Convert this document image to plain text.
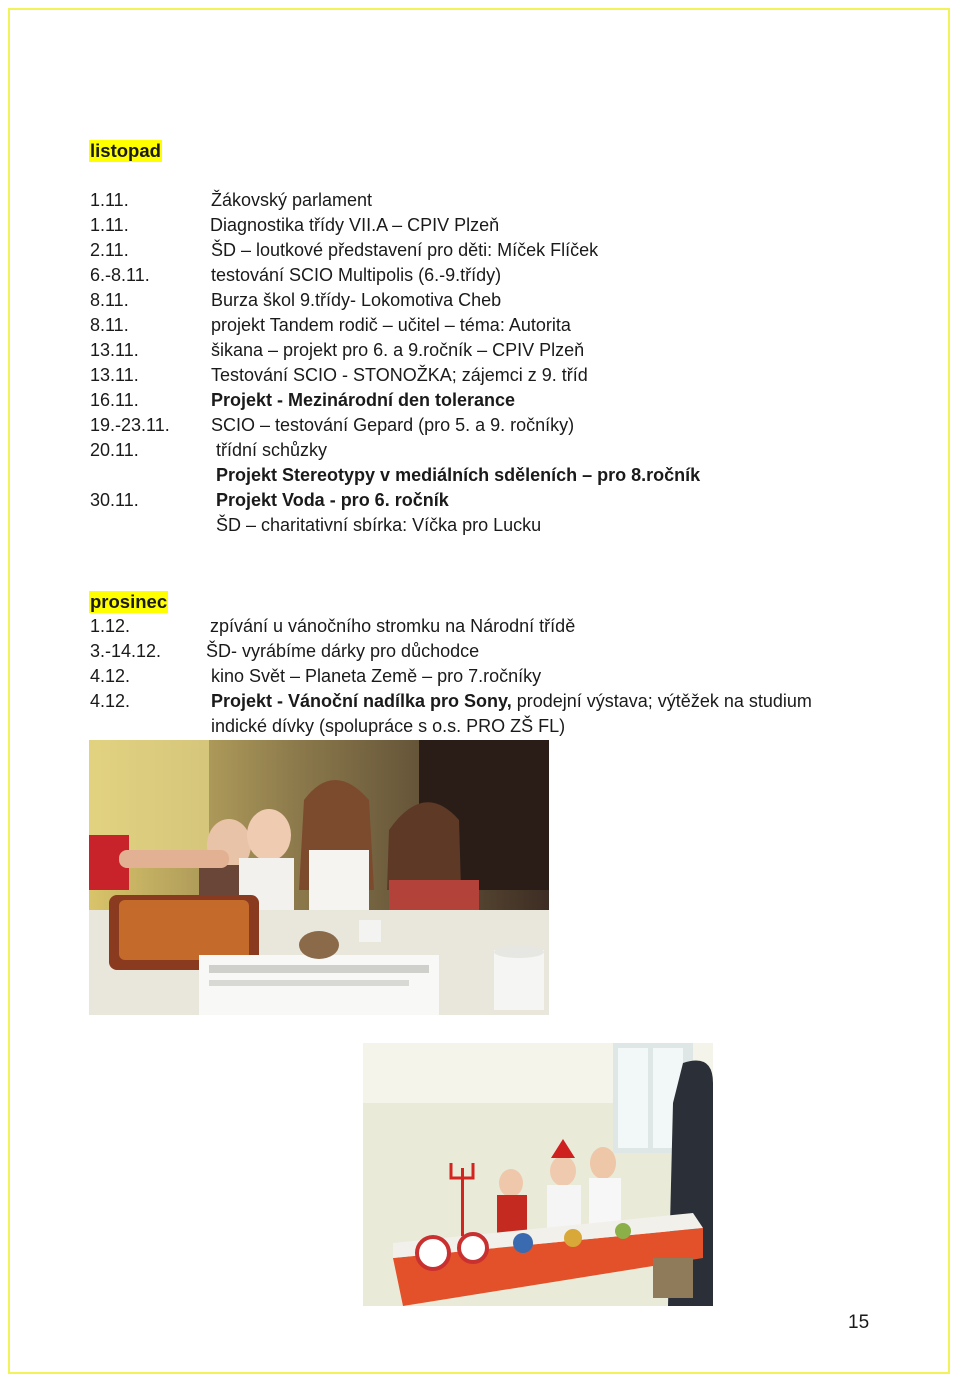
listopad
1.11.	Žákovský parlament
1.11.	Diagnostika třídy VII.A – CPIV Plzeň
2.11.	ŠD – loutkové představení pro děti: Míček Flíček
6.-8.11.	testování SCIO Multipolis (6.-9.třídy)
8.11.	Burza škol 9.třídy- Lokomotiva Cheb
8.11.	projekt Tandem rodič – učitel – téma: Autorita
13.11.	šikana – projekt pro 6. a 9.ročník – CPIV Plzeň
13.11.	Testování SCIO - STONOŽKA; zájemci z 9. tříd
16.11.	Projekt - Mezinárodní den tolerance
19.-23.11. SCIO – testování Gepard (pro 5. a 9. ročníky)
20.11.	třídní schůzky
Projekt Stereotypy v mediálních sděleních – pro 8.ročník
30.11.	Projekt Voda - pro 6. ročník
ŠD – charitativní sbírka: Víčka pro Lucku
prosinec
1.12.	zpívání u vánočního stromku na Národní třídě
3.-14.12. ŠD- vyrábíme dárky pro důchodce
4.12.	kino Svět – Planeta Země – pro 7.ročníky
4.12.	Projekt - Vánoční nadílka pro Sony, prodejní výstava; výtěžek na studium
indické dívky (spolupráce s o.s. PRO ZŠ FL)
15
